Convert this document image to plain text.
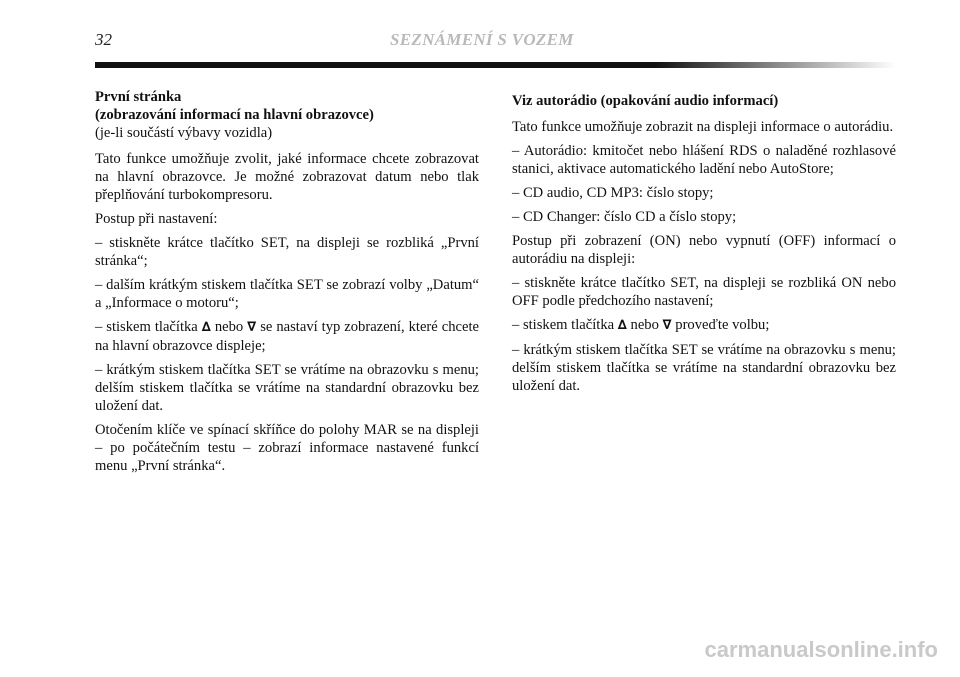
32	SEZNÁMENÍ S VOZEM
První stránka
(zobrazování informací na hlavní obrazovce)
(je-li součástí výbavy vozidla)

Tato funkce umožňuje zvolit, jaké informace chcete zobrazovat na hlavní obrazovce. Je možné zobrazovat datum nebo tlak přeplňování turbokompresoru.

Postup při nastavení:

– stiskněte krátce tlačítko SET, na displeji se rozbliká „První stránka“;

– dalším krátkým stiskem tlačítka SET se zobrazí volby „Datum“ a „Informace o motoru“;

– stiskem tlačítka ∆ nebo ∇ se nastaví typ zobrazení, které chcete na hlavní obrazovce displeje;

– krátkým stiskem tlačítka SET se vrátíme na obrazovku s menu; delším stiskem tlačítka se vrátíme na standardní obrazovku bez uložení dat.

Otočením klíče ve spínací skříňce do polohy MAR se na displeji – po počátečním testu – zobrazí informace nastavené funkcí menu „První stránka“.

Viz autorádio (opakování audio informací)

Tato funkce umožňuje zobrazit na displeji informace o autorádiu.

– Autorádio: kmitočet nebo hlášení RDS o naladěné rozhlasové stanici, aktivace automatického ladění nebo AutoStore;

– CD audio, CD MP3: číslo stopy;

– CD Changer: číslo CD a číslo stopy;

Postup při zobrazení (ON) nebo vypnutí (OFF) informací o autorádiu na displeji:

– stiskněte krátce tlačítko SET, na displeji se rozbliká ON nebo OFF podle předchozího nastavení;

– stiskem tlačítka ∆ nebo ∇ proveďte volbu;

– krátkým stiskem tlačítka SET se vrátíme na obrazovku s menu; delším stiskem tlačítka se vrátíme na standardní obrazovku bez uložení dat.

carmanualsonline.info
